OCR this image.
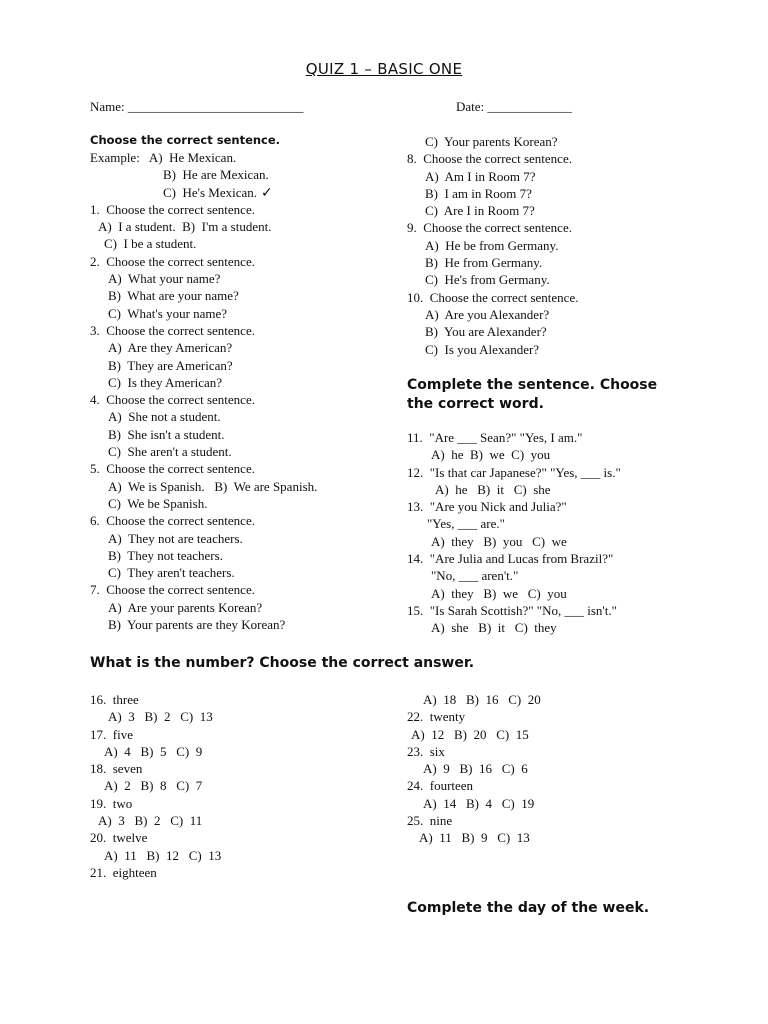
QUIZ 1 – BASIC ONE
Name: ___________________________	Date: _____________
Choose the correct sentence.
Example:   A)  He Mexican.
B)  He are Mexican.
C)  He's Mexican. ✓
1.  Choose the correct sentence.
A)  I a student.  B)  I'm a student.
C)  I be a student.
2.  Choose the correct sentence.
A)  What your name?
B)  What are your name?
C)  What's your name?
3.  Choose the correct sentence.
A)  Are they American?
B)  They are American?
C)  Is they American?
4.  Choose the correct sentence.
A)  She not a student.
B)  She isn't a student.
C)  She aren't a student.
5.  Choose the correct sentence.
A)  We is Spanish.   B)  We are Spanish.
C)  We be Spanish.
6.  Choose the correct sentence.
A)  They not are teachers.
B)  They not teachers.
C)  They aren't teachers.
7.  Choose the correct sentence.
A)  Are your parents Korean?
B)  Your parents are they Korean?
C)  Your parents Korean?
8.  Choose the correct sentence.
A)  Am I in Room 7?
B)  I am in Room 7?
C)  Are I in Room 7?
9.  Choose the correct sentence.
A)  He be from Germany.
B)  He from Germany.
C)  He's from Germany.
10.  Choose the correct sentence.
A)  Are you Alexander?
B)  You are Alexander?
C)  Is you Alexander?
Complete the sentence. Choose
the correct word.
11.  "Are ___ Sean?" "Yes, I am."
A)  he  B)  we  C)  you
12.  "Is that car Japanese?" "Yes, ___ is."
A)  he   B)  it   C)  she
13.  "Are you Nick and Julia?"
"Yes, ___ are."
A)  they   B)  you   C)  we
14.  "Are Julia and Lucas from Brazil?"
"No, ___ aren't."
A)  they   B)  we   C)  you
15.  "Is Sarah Scottish?" "No, ___ isn't."
A)  she   B)  it   C)  they
What is the number? Choose the correct answer.
16.  three
A)  3   B)  2   C)  13
17.  five
A)  4   B)  5   C)  9
18.  seven
A)  2   B)  8   C)  7
19.  two
A)  3   B)  2   C)  11
20.  twelve
A)  11   B)  12   C)  13
21.  eighteen
A)  18   B)  16   C)  20
22.  twenty
A)  12   B)  20   C)  15
23.  six
A)  9   B)  16   C)  6
24.  fourteen
A)  14   B)  4   C)  19
25.  nine
A)  11   B)  9   C)  13
Complete the day of the week.
